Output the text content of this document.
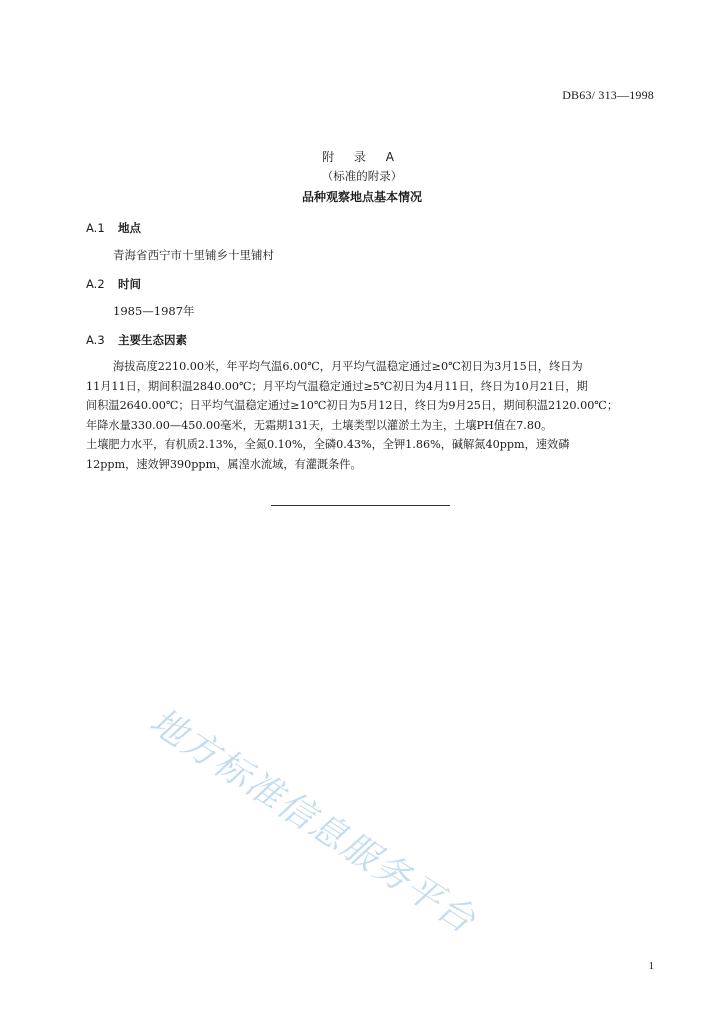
DB63/ 313—1998
附 录 A
（标准的附录）
品种观察地点基本情况
A.1 地点
青海省西宁市十里铺乡十里铺村
A.2 时间
1985—1987年
A.3 主要生态因素
海拔高度2210.00米，年平均气温6.00℃，月平均气温稳定通过≥0℃初日为3月15日，终日为
11月11日，期间积温2840.00℃；月平均气温稳定通过≥5℃初日为4月11日，终日为10月21日，期
间积温2640.00℃；日平均气温稳定通过≥10℃初日为5月12日，终日为9月25日，期间积温2120.00℃；
年降水量330.00—450.00毫米，无霜期131天，土壤类型以灌淤土为主，土壤PH值在7.80。
土壤肥力水平，有机质2.13%，全氮0.10%，全磷0.43%，全钾1.86%，碱解氮40ppm，速效磷
12ppm，速效钾390ppm，属湟水流域，有灌溉条件。
地方标准信息服务平台
1
